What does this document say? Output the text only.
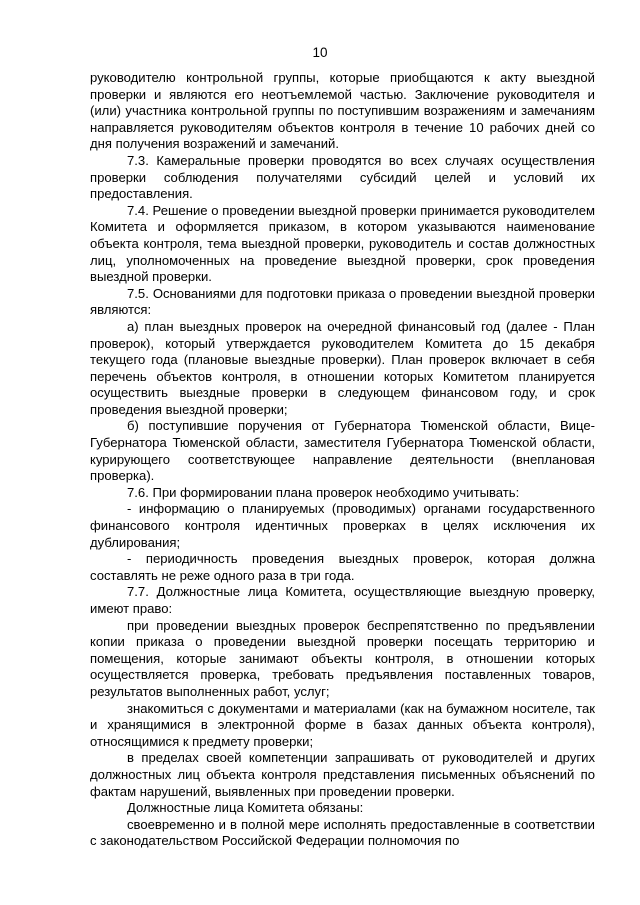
10

руководителю контрольной группы, которые приобщаются к акту выездной проверки и являются его неотъемлемой частью. Заключение руководителя и (или) участника контрольной группы по поступившим возражениям и замечаниям направляется руководителям объектов контроля в течение 10 рабочих дней со дня получения возражений и замечаний.

7.3. Камеральные проверки проводятся во всех случаях осуществления проверки соблюдения получателями субсидий целей и условий их предоставления.

7.4. Решение о проведении выездной проверки принимается руководителем Комитета и оформляется приказом, в котором указываются наименование объекта контроля, тема выездной проверки, руководитель и состав должностных лиц, уполномоченных на проведение выездной проверки, срок проведения выездной проверки.

7.5. Основаниями для подготовки приказа о проведении выездной проверки являются:

а) план выездных проверок на очередной финансовый год (далее - План проверок), который утверждается руководителем Комитета до 15 декабря текущего года (плановые выездные проверки). План проверок включает в себя перечень объектов контроля, в отношении которых Комитетом планируется осуществить выездные проверки в следующем финансовом году, и срок проведения выездной проверки;

б) поступившие поручения от Губернатора Тюменской области, Вице-Губернатора Тюменской области, заместителя Губернатора Тюменской области, курирующего соответствующее направление деятельности (внеплановая проверка).

7.6. При формировании плана проверок необходимо учитывать:

- информацию о планируемых (проводимых) органами государственного финансового контроля идентичных проверках в целях исключения их дублирования;

- периодичность проведения выездных проверок, которая должна составлять не реже одного раза в три года.

7.7. Должностные лица Комитета, осуществляющие выездную проверку, имеют право:

при проведении выездных проверок беспрепятственно по предъявлении копии приказа о проведении выездной проверки посещать территорию и помещения, которые занимают объекты контроля, в отношении которых осуществляется проверка, требовать предъявления поставленных товаров, результатов выполненных работ, услуг;

знакомиться с документами и материалами (как на бумажном носителе, так и хранящимися в электронной форме в базах данных объекта контроля), относящимися к предмету проверки;

в пределах своей компетенции запрашивать от руководителей и других должностных лиц объекта контроля представления письменных объяснений по фактам нарушений, выявленных при проведении проверки.

Должностные лица Комитета обязаны:

своевременно и в полной мере исполнять предоставленные в соответствии с законодательством Российской Федерации полномочия по
